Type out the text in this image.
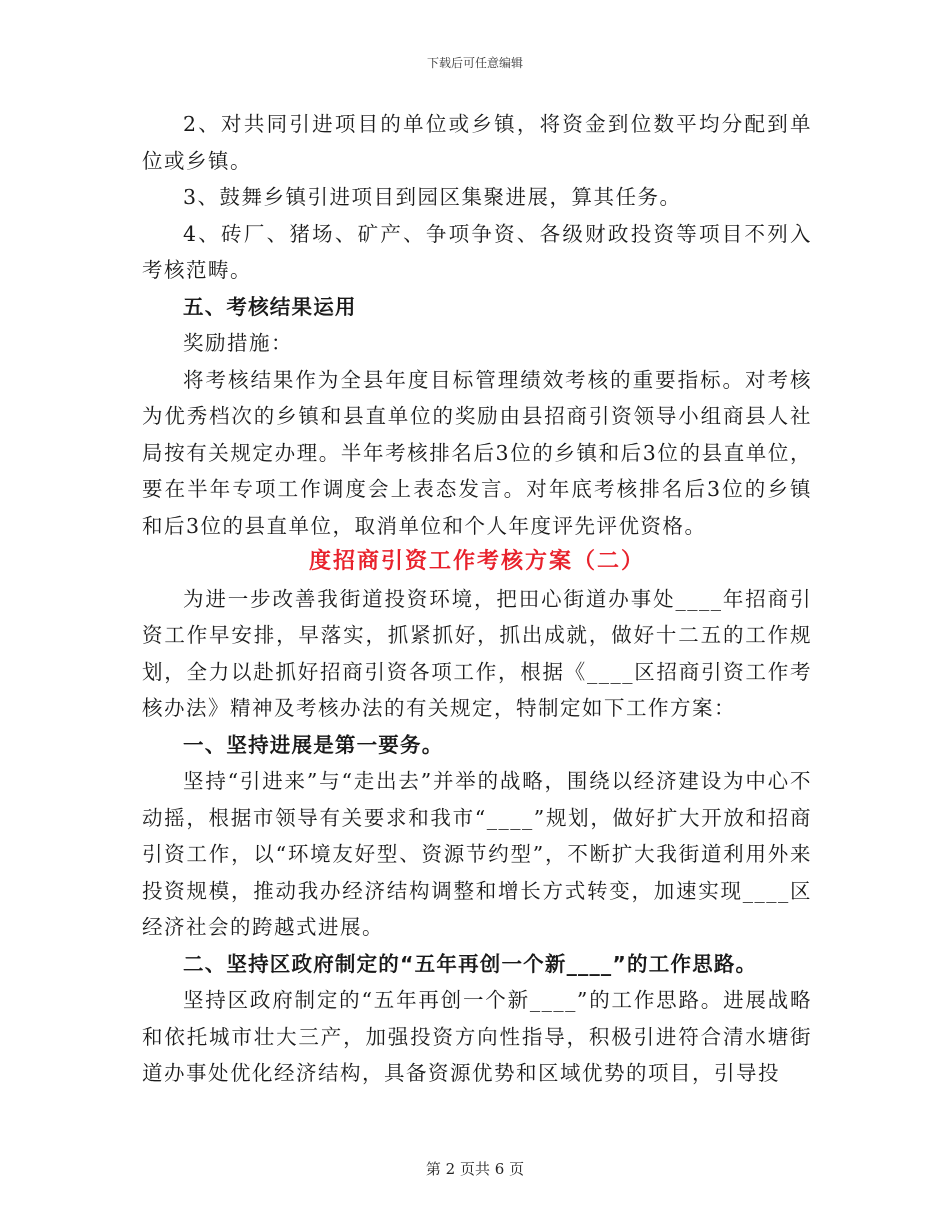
下载后可任意编辑

2、对共同引进项目的单位或乡镇，将资金到位数平均分配到单位或乡镇。

3、鼓舞乡镇引进项目到园区集聚进展，算其任务。

4、砖厂、猪场、矿产、争项争资、各级财政投资等项目不列入考核范畴。

五、考核结果运用

奖励措施：

将考核结果作为全县年度目标管理绩效考核的重要指标。对考核为优秀档次的乡镇和县直单位的奖励由县招商引资领导小组商县人社局按有关规定办理。半年考核排名后3位的乡镇和后3位的县直单位，要在半年专项工作调度会上表态发言。对年底考核排名后3位的乡镇和后3位的县直单位，取消单位和个人年度评先评优资格。

度招商引资工作考核方案（二）

为进一步改善我街道投资环境，把田心街道办事处____年招商引资工作早安排，早落实，抓紧抓好，抓出成就，做好十二五的工作规划，全力以赴抓好招商引资各项工作，根据《____区招商引资工作考核办法》精神及考核办法的有关规定，特制定如下工作方案：

一、坚持进展是第一要务。

坚持“引进来”与“走出去”并举的战略，围绕以经济建设为中心不动摇，根据市领导有关要求和我市“____”规划，做好扩大开放和招商引资工作，以“环境友好型、资源节约型”，不断扩大我街道利用外来投资规模，推动我办经济结构调整和增长方式转变，加速实现____区经济社会的跨越式进展。

二、坚持区政府制定的“五年再创一个新____”的工作思路。

坚持区政府制定的“五年再创一个新____”的工作思路。进展战略和依托城市壮大三产，加强投资方向性指导，积极引进符合清水塘街道办事处优化经济结构，具备资源优势和区域优势的项目，引导投

第 2 页共 6 页
